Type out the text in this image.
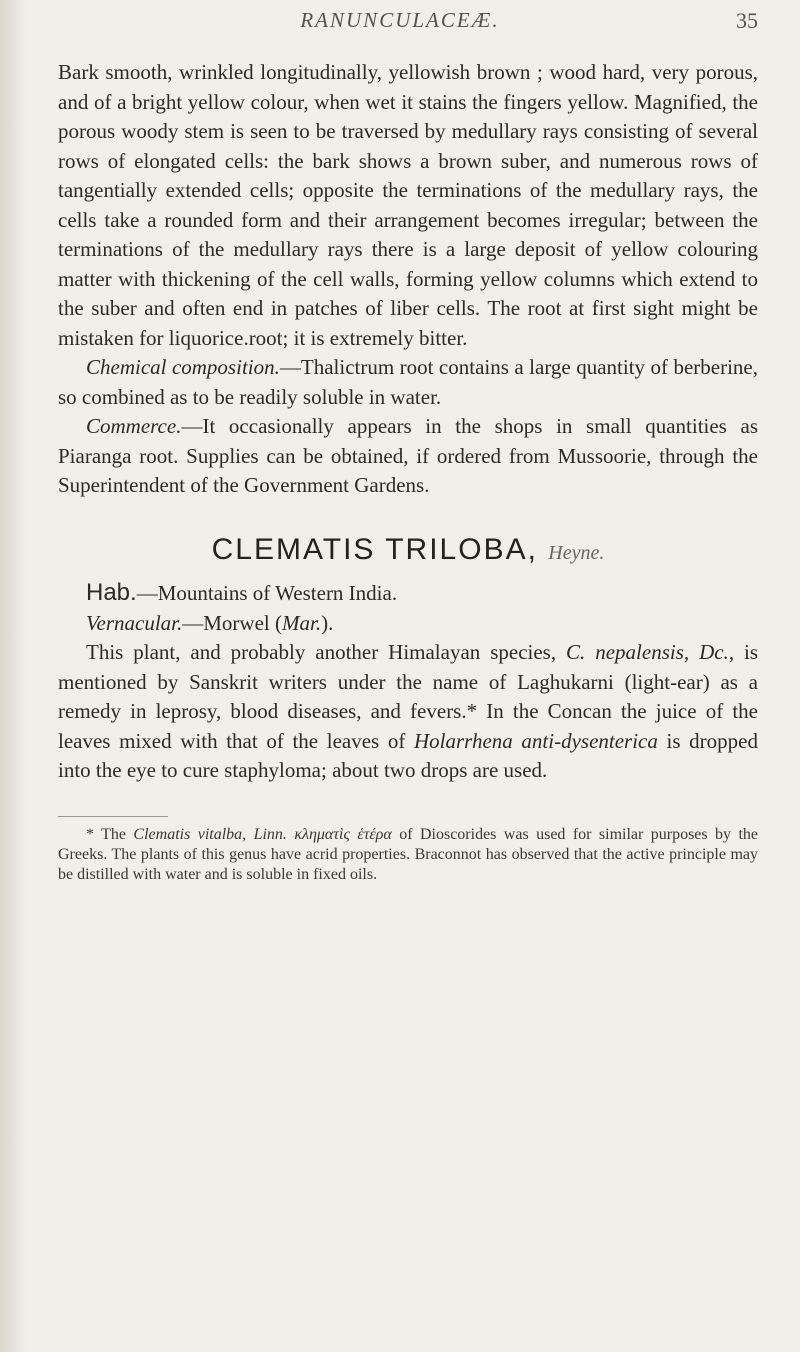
RANUNCULACEÆ.	35

Bark smooth, wrinkled longitudinally, yellowish brown ; wood hard, very porous, and of a bright yellow colour, when wet it stains the fingers yellow. Magnified, the porous woody stem is seen to be traversed by medullary rays consisting of several rows of elongated cells: the bark shows a brown suber, and numerous rows of tangentially extended cells; opposite the terminations of the medullary rays, the cells take a rounded form and their arrangement becomes irregular; between the terminations of the medullary rays there is a large deposit of yellow colouring matter with thickening of the cell walls, forming yellow columns which extend to the suber and often end in patches of liber cells. The root at first sight might be mistaken for liquorice.root; it is extremely bitter.

Chemical composition.—Thalictrum root contains a large quantity of berberine, so combined as to be readily soluble in water.

Commerce.—It occasionally appears in the shops in small quantities as Piaranga root. Supplies can be obtained, if ordered from Mussoorie, through the Superintendent of the Government Gardens.

CLEMATIS TRILOBA, Heyne.

Hab.—Mountains of Western India.

Vernacular.—Morwel (Mar.).

This plant, and probably another Himalayan species, C. nepalensis, Dc., is mentioned by Sanskrit writers under the name of Laghukarni (light-ear) as a remedy in leprosy, blood diseases, and fevers.* In the Concan the juice of the leaves mixed with that of the leaves of Holarrhena anti-dysenterica is dropped into the eye to cure staphyloma; about two drops are used.

* The Clematis vitalba, Linn. κληματὶς ἑτέρα of Dioscorides was used for similar purposes by the Greeks. The plants of this genus have acrid properties. Braconnot has observed that the active principle may be distilled with water and is soluble in fixed oils.
